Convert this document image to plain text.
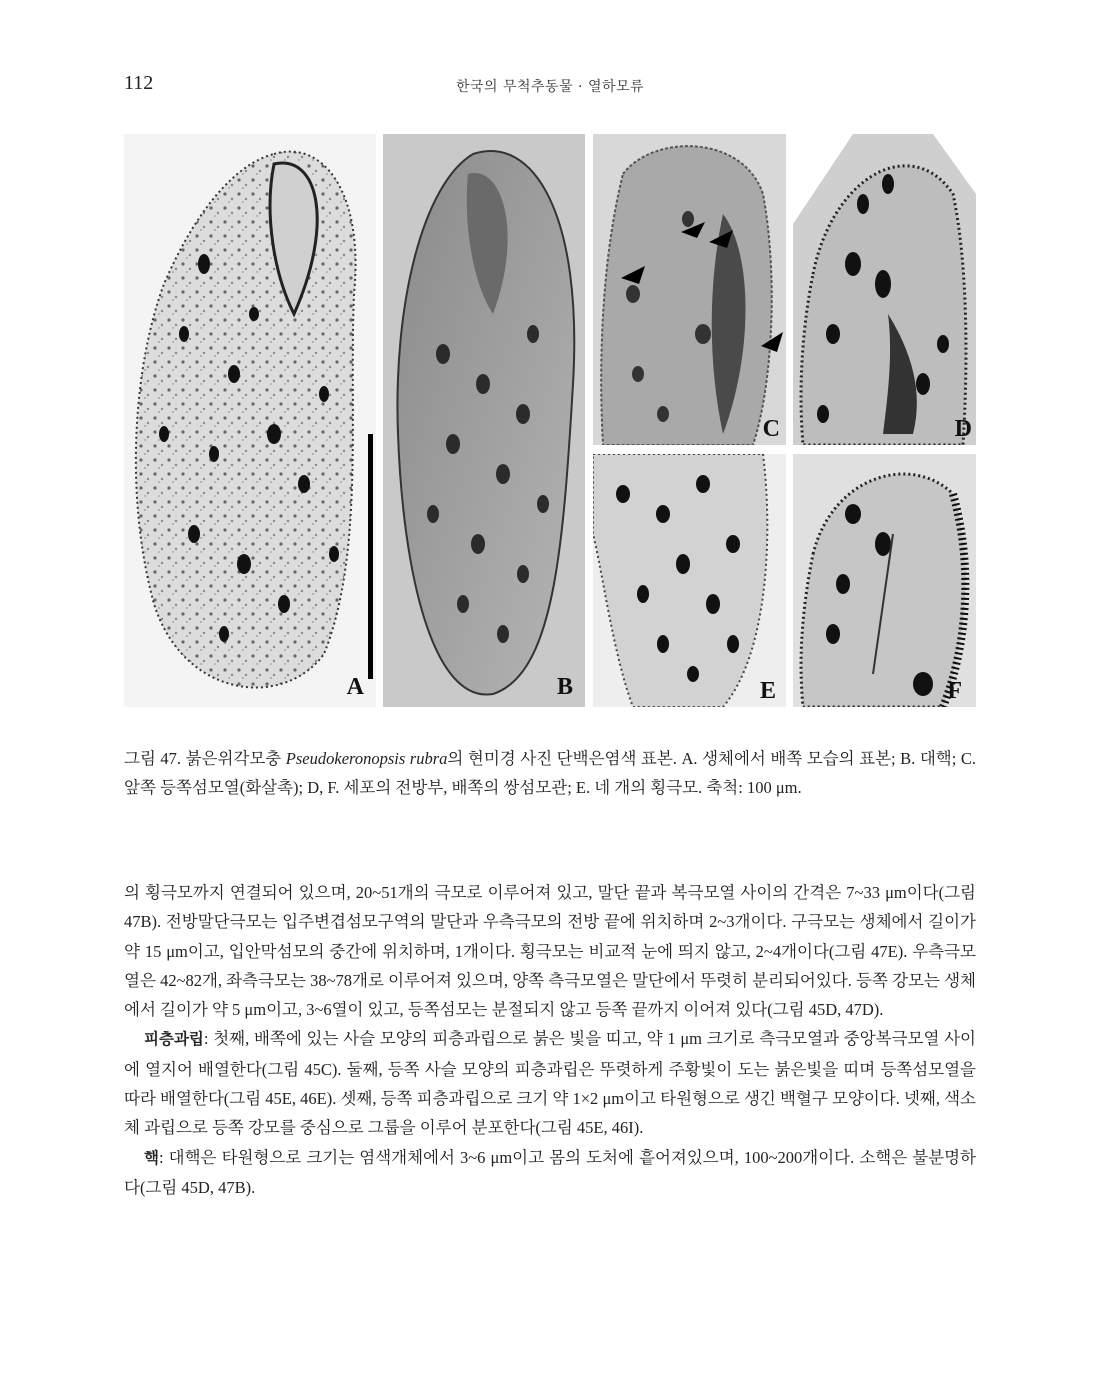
112	한국의 무척추동물 · 열하모류
A	B
C	D
E	F
그림 47. 붉은위각모충 Pseudokeronopsis rubra의 현미경 사진 단백은염색 표본. A. 생체에서 배쪽 모습의 표본; B. 대핵; C. 앞쪽 등쪽섬모열(화살촉); D, F. 세포의 전방부, 배쪽의 쌍섬모관; E. 네 개의 횡극모. 축척: 100 μm.

의 횡극모까지 연결되어 있으며, 20~51개의 극모로 이루어져 있고, 말단 끝과 복극모열 사이의 간격은 7~33 μm이다(그림 47B). 전방말단극모는 입주변겹섬모구역의 말단과 우측극모의 전방 끝에 위치하며 2~3개이다. 구극모는 생체에서 길이가 약 15 μm이고, 입안막섬모의 중간에 위치하며, 1개이다. 횡극모는 비교적 눈에 띄지 않고, 2~4개이다(그림 47E). 우측극모열은 42~82개, 좌측극모는 38~78개로 이루어져 있으며, 양쪽 측극모열은 말단에서 뚜렷히 분리되어있다. 등쪽 강모는 생체에서 길이가 약 5 μm이고, 3~6열이 있고, 등쪽섬모는 분절되지 않고 등쪽 끝까지 이어져 있다(그림 45D, 47D).

피층과립: 첫째, 배쪽에 있는 사슬 모양의 피층과립으로 붉은 빛을 띠고, 약 1 μm 크기로 측극모열과 중앙복극모열 사이에 열지어 배열한다(그림 45C). 둘째, 등쪽 사슬 모양의 피층과립은 뚜렷하게 주황빛이 도는 붉은빛을 띠며 등쪽섬모열을 따라 배열한다(그림 45E, 46E). 셋째, 등쪽 피층과립으로 크기 약 1×2 μm이고 타원형으로 생긴 백혈구 모양이다. 넷째, 색소체 과립으로 등쪽 강모를 중심으로 그룹을 이루어 분포한다(그림 45E, 46I).

핵: 대핵은 타원형으로 크기는 염색개체에서 3~6 μm이고 몸의 도처에 흩어져있으며, 100~200개이다. 소핵은 불분명하다(그림 45D, 47B).
